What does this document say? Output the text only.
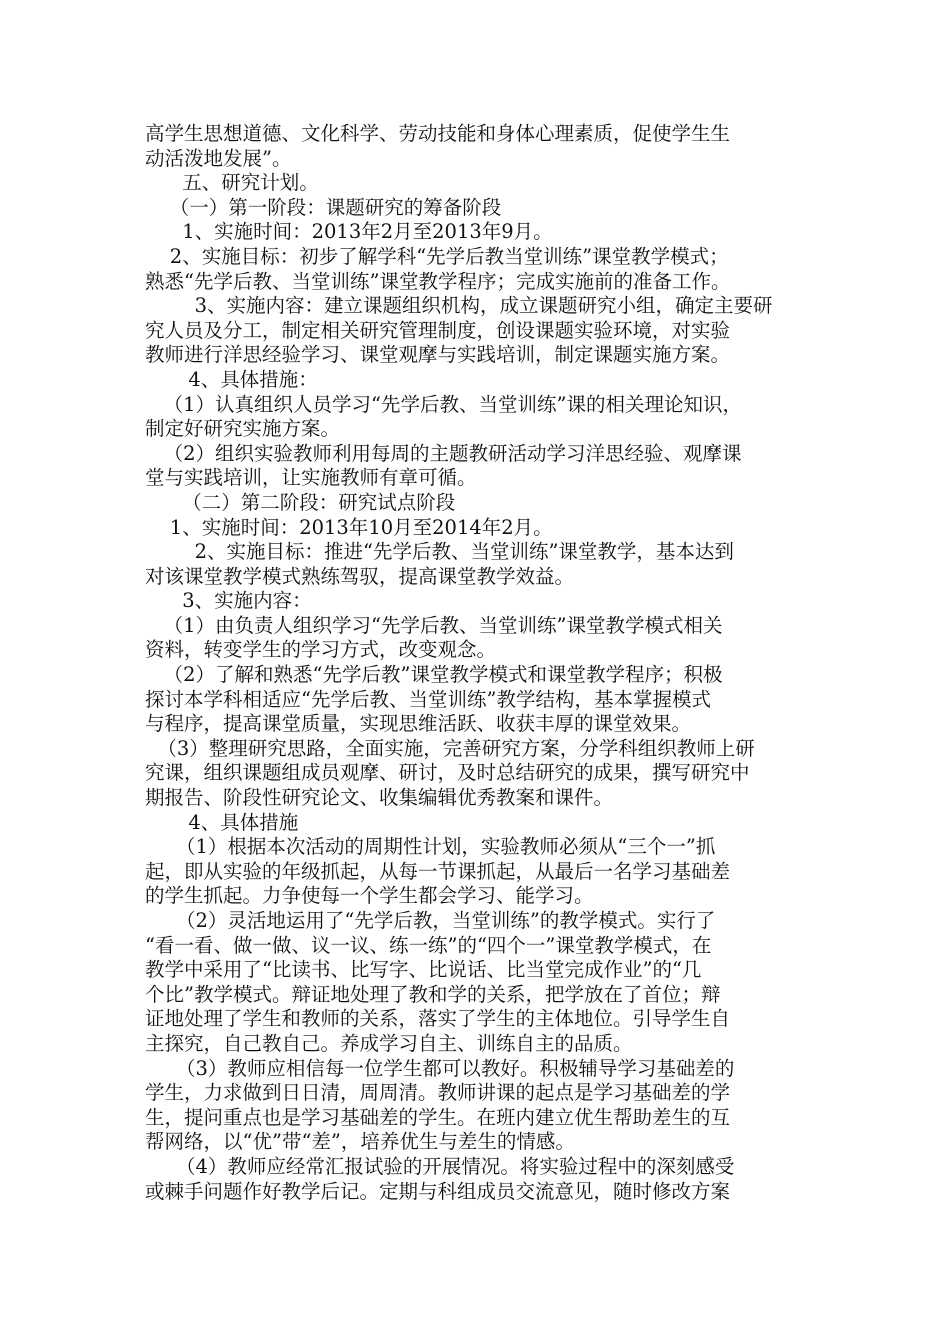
高学生思想道德、文化科学、劳动技能和身体心理素质，促使学生生
动活泼地发展”。
五、研究计划。
（一）第一阶段：课题研究的筹备阶段
1、实施时间：2013年2月至2013年9月。
2、实施目标：初步了解学科“先学后教当堂训练”课堂教学模式；
熟悉“先学后教、当堂训练”课堂教学程序；完成实施前的准备工作。
3、实施内容：建立课题组织机构，成立课题研究小组，确定主要研
究人员及分工，制定相关研究管理制度，创设课题实验环境，对实验
教师进行洋思经验学习、课堂观摩与实践培训，制定课题实施方案。
4、具体措施：
（1）认真组织人员学习“先学后教、当堂训练”课的相关理论知识，
制定好研究实施方案。
（2）组织实验教师利用每周的主题教研活动学习洋思经验、观摩课
堂与实践培训，让实施教师有章可循。
（二）第二阶段：研究试点阶段
1、实施时间：2013年10月至2014年2月。
2、实施目标：推进“先学后教、当堂训练”课堂教学，基本达到
对该课堂教学模式熟练驾驭，提高课堂教学效益。
3、实施内容：
（1）由负责人组织学习“先学后教、当堂训练”课堂教学模式相关
资料，转变学生的学习方式，改变观念。
（2）了解和熟悉“先学后教”课堂教学模式和课堂教学程序；积极
探讨本学科相适应“先学后教、当堂训练”教学结构，基本掌握模式
与程序，提高课堂质量，实现思维活跃、收获丰厚的课堂效果。
（3）整理研究思路，全面实施，完善研究方案，分学科组织教师上研
究课，组织课题组成员观摩、研讨，及时总结研究的成果，撰写研究中
期报告、阶段性研究论文、收集编辑优秀教案和课件。
4、具体措施
（1）根据本次活动的周期性计划，实验教师必须从“三个一”抓
起，即从实验的年级抓起，从每一节课抓起，从最后一名学习基础差
的学生抓起。力争使每一个学生都会学习、能学习。
（2）灵活地运用了“先学后教，当堂训练”的教学模式。实行了
“看一看、做一做、议一议、练一练”的“四个一”课堂教学模式，在
教学中采用了“比读书、比写字、比说话、比当堂完成作业”的“几
个比”教学模式。辩证地处理了教和学的关系，把学放在了首位；辩
证地处理了学生和教师的关系，落实了学生的主体地位。引导学生自
主探究，自己教自己。养成学习自主、训练自主的品质。
（3）教师应相信每一位学生都可以教好。积极辅导学习基础差的
学生，力求做到日日清，周周清。教师讲课的起点是学习基础差的学
生，提问重点也是学习基础差的学生。在班内建立优生帮助差生的互
帮网络，以“优”带“差”，培养优生与差生的情感。
（4）教师应经常汇报试验的开展情况。将实验过程中的深刻感受
或棘手问题作好教学后记。定期与科组成员交流意见，随时修改方案
